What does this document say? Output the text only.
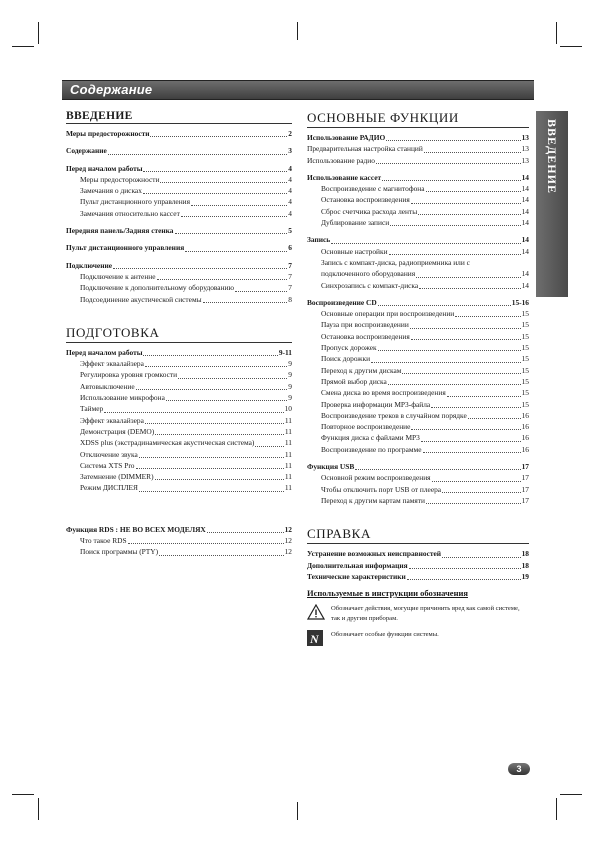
Содержание
ВВЕДЕНИЕ
ВВЕДЕНИЕ
Меры предосторожности	2
Содержание	3
Перед началом работы	4
Меры предосторожности	4
Замечания о дисках	4
Пульт дистанционного управления	4
Замечания относительно кассет	4
Передняя панель/Задняя стенка	5
Пульт дистанционного управления	6
Подключение	7
Подключение к антенне	7
Подключение к дополнительному оборудованию	7
Подсоединение акустической системы	8
ПОДГОТОВКА
Перед началом работы	9-11
Эффект эквалайзера	9
Регулировка уровня громкости	9
Автовыключение	9
Использование микрофона	9
Таймер	10
Эффект эквалайзера	11
Демонстрация (DEMO)	11
XDSS plus (экстрадинамическая акустическая система)	11
Отключение звука	11
Система XTS Pro	11
Затемнение (DIMMER)	11
Режим ДИСПЛЕЯ	11
Функция RDS : НЕ ВО ВСЕХ МОДЕЛЯХ	12
Что такое RDS	12
Поиск программы (PTY)	12
ОСНОВНЫЕ ФУНКЦИИ
Использование РАДИО	13
Предварительная настройка станций	13
Использование радио	13
Использование кассет	14
Воспроизведение с магнитофона	14
Остановка воспроизведения	14
Сброс счетчика расхода ленты	14
Дублирование записи	14
Запись	14
Основные настройки	14
Запись с компакт-диска, радиоприемника или с
подключенного оборудования	14
Синхрозапись с компакт-диска	14
Воспроизведение CD	15-16
Основные операции при воспроизведении	15
Пауза при воспроизведении	15
Остановка воспроизведения	15
Пропуск дорожек	15
Поиск дорожки	15
Переход к другим дискам	15
Прямой выбор диска	15
Смена диска во время воспроизведения	15
Проверка информации MP3-файла	15
Воспроизведение треков в случайном порядке	16
Повторное воспроизведение	16
Функция диска с файлами MP3	16
Воспроизведение по программе	16
Функция USB	17
Основной режим воспроизведения	17
Чтобы отключить порт USB от плеера	17
Переход к другим картам памяти	17
СПРАВКА
Устранение возможных неисправностей	18
Дополнительная информация	18
Технические характеристики	19
Используемые в инструкции обозначения
Обозначает действия, могущие причинить вред как самой системе, так и другим приборам.
N Обозначает особые функции системы.
3
